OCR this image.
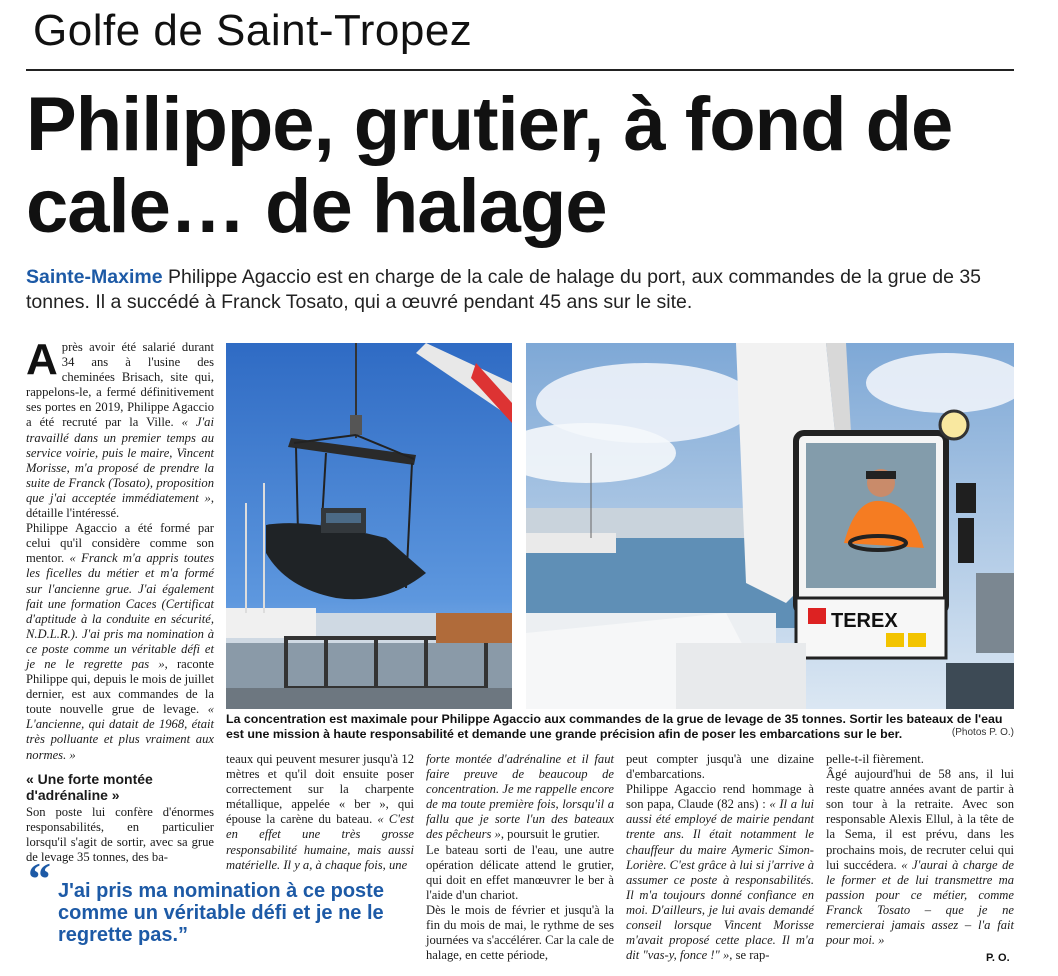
Golfe de Saint-Tropez
Philippe, grutier, à fond de cale… de halage
Sainte-Maxime Philippe Agaccio est en charge de la cale de halage du port, aux commandes de la grue de 35 tonnes. Il a succédé à Franck Tosato, qui a œuvré pendant 45 ans sur le site.

Après avoir été salarié durant 34 ans à l'usine des cheminées Brisach, site qui, rappelons-le, a fermé définitivement ses portes en 2019, Philippe Agaccio a été recruté par la Ville. « J'ai travaillé dans un premier temps au service voirie, puis le maire, Vincent Morisse, m'a proposé de prendre la suite de Franck (Tosato), proposition que j'ai acceptée immédiatement », détaille l'intéressé.

Philippe Agaccio a été formé par celui qu'il considère comme son mentor. « Franck m'a appris toutes les ficelles du métier et m'a formé sur l'ancienne grue. J'ai également fait une formation Caces (Certificat d'aptitude à la conduite en sécurité, N.D.L.R.). J'ai pris ma nomination à ce poste comme un véritable défi et je ne le regrette pas », raconte Philippe qui, depuis le mois de juillet dernier, est aux commandes de la toute nouvelle grue de levage. « L'ancienne, qui datait de 1968, était très polluante et plus vraiment aux normes. »

« Une forte montée d'adrénaline »

Son poste lui confère d'énormes responsabilités, en particulier lorsqu'il s'agit de sortir, avec sa grue de levage 35 tonnes, des ba-

TEREX
La concentration est maximale pour Philippe Agaccio aux commandes de la grue de levage de 35 tonnes. Sortir les bateaux de l'eau est une mission à haute responsabilité et demande une grande précision afin de poser les embarcations sur le ber.	(Photos P. O.)

teaux qui peuvent mesurer jusqu'à 12 mètres et qu'il doit ensuite poser correctement sur la charpente métallique, appelée « ber », qui épouse la carène du bateau. « C'est en effet une très grosse responsabilité humaine, mais aussi matérielle. Il y a, à chaque fois, une

forte montée d'adrénaline et il faut faire preuve de beaucoup de concentration. Je me rappelle encore de ma toute première fois, lorsqu'il a fallu que je sorte l'un des bateaux des pêcheurs », poursuit le grutier.

Le bateau sorti de l'eau, une autre opération délicate attend le grutier, qui doit en effet manœuvrer le ber à l'aide d'un chariot.

Dès le mois de février et jusqu'à la fin du mois de mai, le rythme de ses journées va s'accélérer. Car la cale de halage, en cette période,

peut compter jusqu'à une dizaine d'embarcations.

Philippe Agaccio rend hommage à son papa, Claude (82 ans) : « Il a lui aussi été employé de mairie pendant trente ans. Il était notamment le chauffeur du maire Aymeric Simon-Lorière. C'est grâce à lui si j'arrive à assumer ce poste à responsabilités. Il m'a toujours donné confiance en moi. D'ailleurs, je lui avais demandé conseil lorsque Vincent Morisse m'avait proposé cette place. Il m'a dit "vas-y, fonce !" », se rap-

pelle-t-il fièrement.

Âgé aujourd'hui de 58 ans, il lui reste quatre années avant de partir à son tour à la retraite. Avec son responsable Alexis Ellul, à la tête de la Sema, il est prévu, dans les prochains mois, de recruter celui qui lui succédera. « J'aurai à charge de le former et de lui transmettre ma passion pour ce métier, comme Franck Tosato – que je ne remercierai jamais assez – l'a fait pour moi. »

“ J'ai pris ma nomination à ce poste comme un véritable défi et je ne le regrette pas.”
P. O.
